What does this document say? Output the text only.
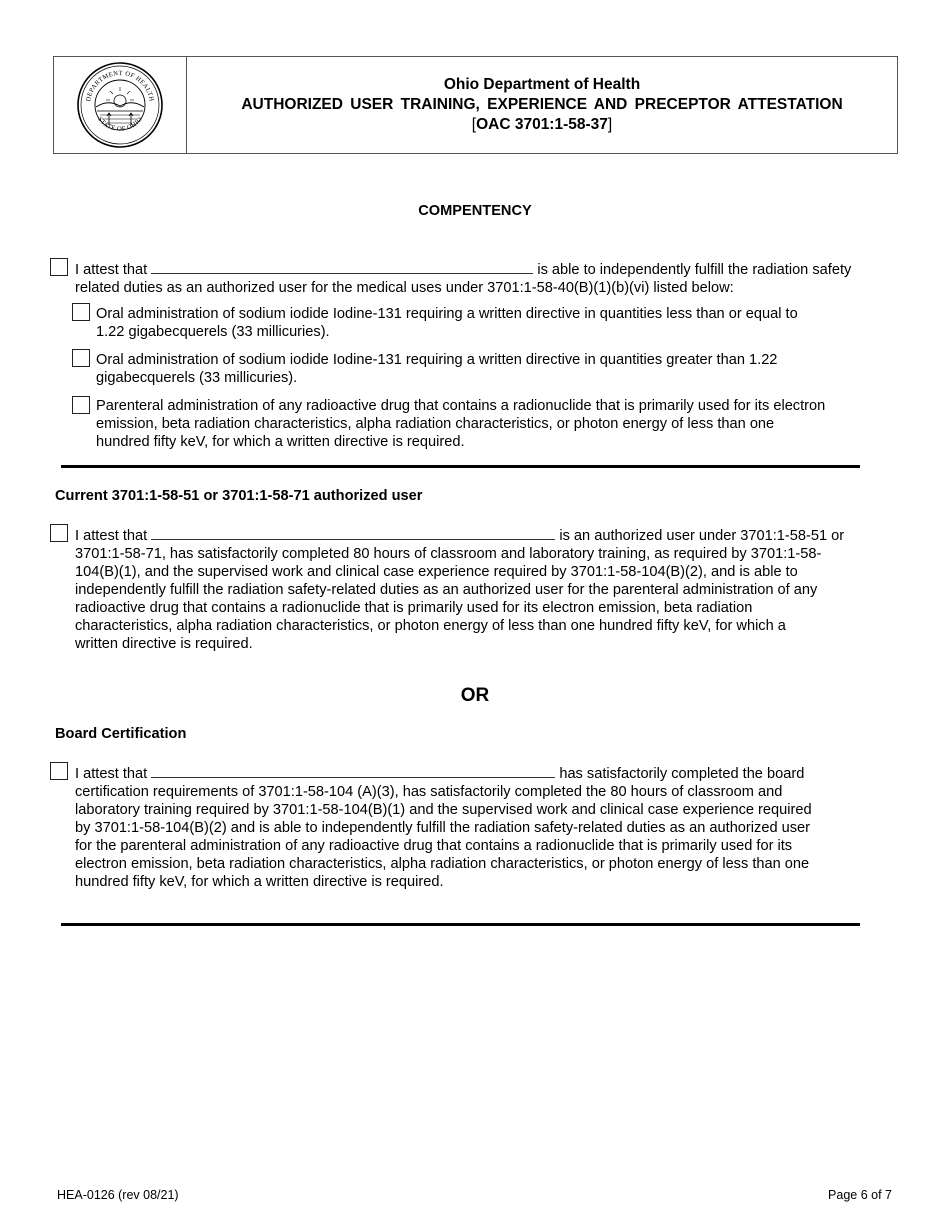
DEPARTMENT OF HEALTH
STATE OF OHIO
Ohio Department of Health
AUTHORIZED USER TRAINING, EXPERIENCE AND PRECEPTOR ATTESTATION
[OAC 3701:1-58-37]
COMPENTENCY
I attest that	is able to independently fulfill the radiation safety
related duties as an authorized user for the medical uses under 3701:1-58-40(B)(1)(b)(vi) listed below:
Oral administration of sodium iodide Iodine-131 requiring a written directive in quantities less than or equal to
1.22 gigabecquerels (33 millicuries).
Oral administration of sodium iodide Iodine-131 requiring a written directive in quantities greater than 1.22
gigabecquerels (33 millicuries).
Parenteral administration of any radioactive drug that contains a radionuclide that is primarily used for its electron
emission, beta radiation characteristics, alpha radiation characteristics, or photon energy of less than one
hundred fifty keV, for which a written directive is required.
Current 3701:1-58-51 or 3701:1-58-71 authorized user
I attest that	is an authorized user under 3701:1-58-51 or
3701:1-58-71, has satisfactorily completed 80 hours of classroom and laboratory training, as required by 3701:1-58-
104(B)(1), and the supervised work and clinical case experience required by 3701:1-58-104(B)(2), and is able to
independently fulfill the radiation safety-related duties as an authorized user for the parenteral administration of any
radioactive drug that contains a radionuclide that is primarily used for its electron emission, beta radiation
characteristics, alpha radiation characteristics, or photon energy of less than one hundred fifty keV, for which a
written directive is required.
OR
Board Certification
I attest that	has satisfactorily completed the board
certification requirements of 3701:1-58-104 (A)(3), has satisfactorily completed the 80 hours of classroom and
laboratory training required by 3701:1-58-104(B)(1) and the supervised work and clinical case experience required
by 3701:1-58-104(B)(2) and is able to independently fulfill the radiation safety-related duties as an authorized user
for the parenteral administration of any radioactive drug that contains a radionuclide that is primarily used for its
electron emission, beta radiation characteristics, alpha radiation characteristics, or photon energy of less than one
hundred fifty keV, for which a written directive is required.
HEA-0126 (rev 08/21)	Page 6 of 7
